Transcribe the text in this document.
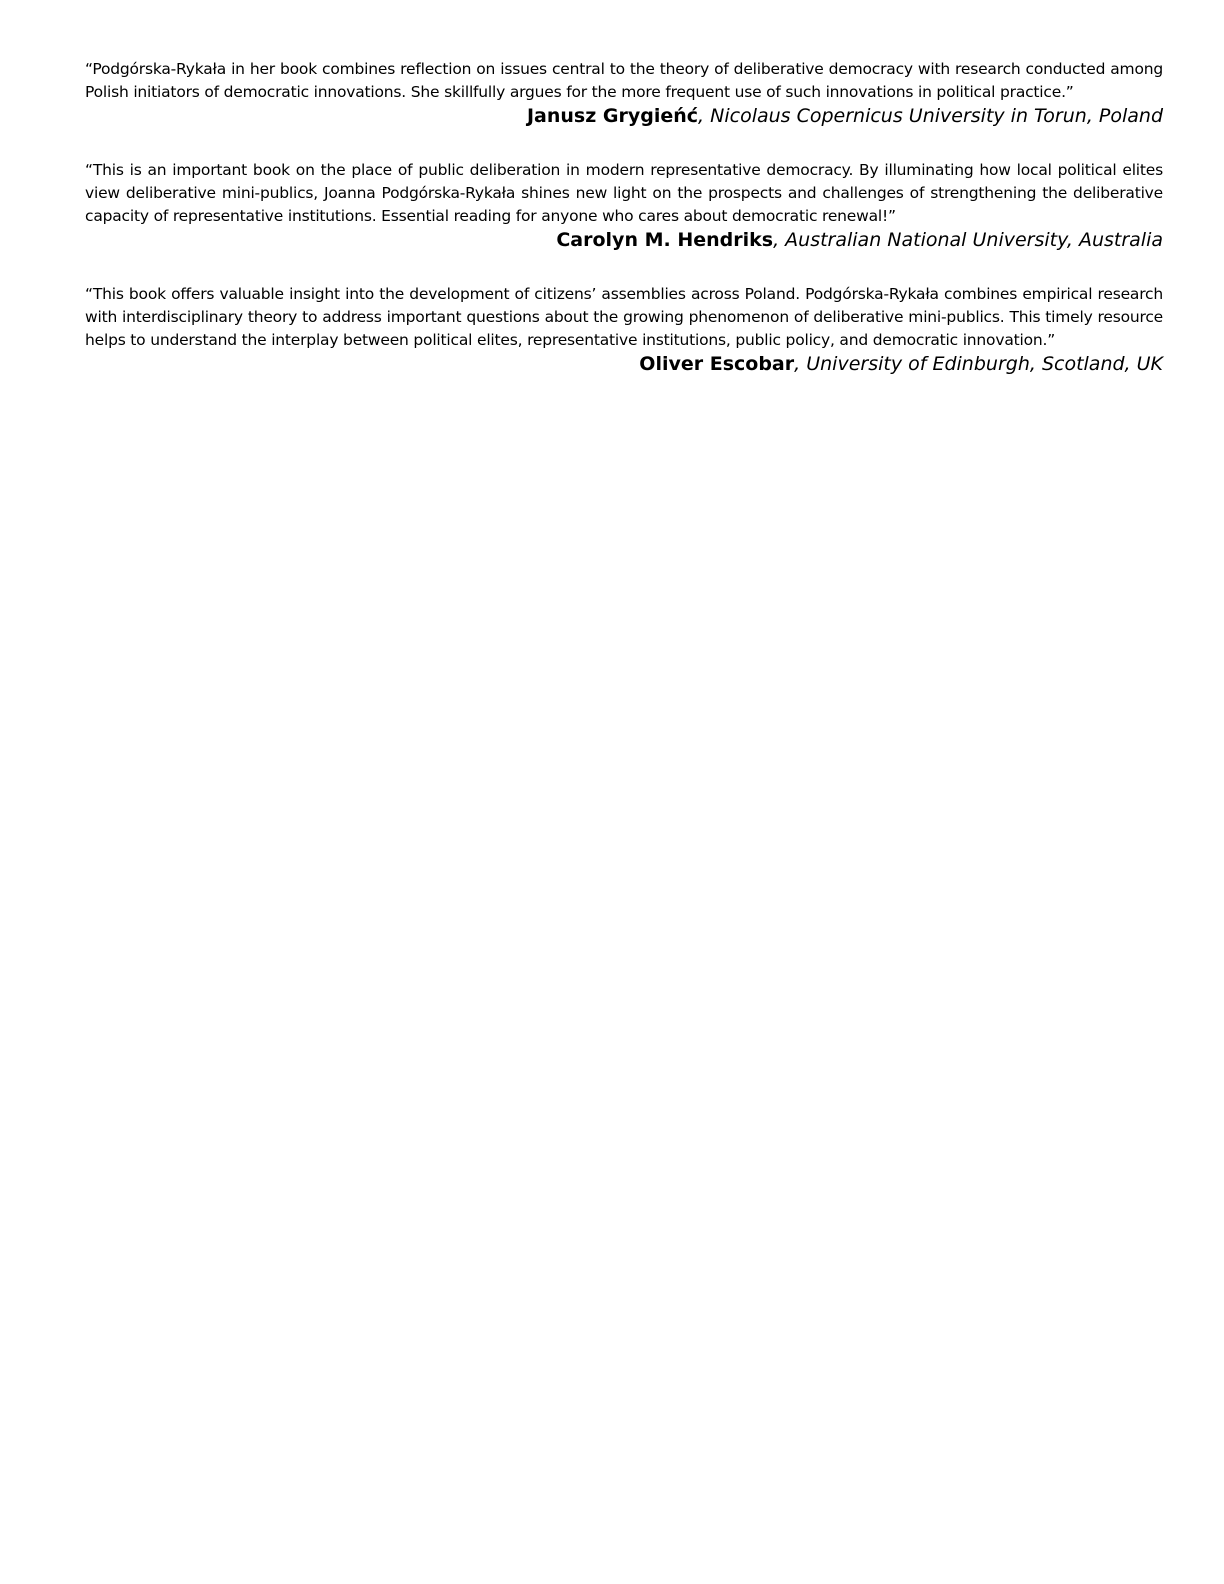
“Podgórska-Rykała in her book combines reflection on issues central to the theory of deliberative democracy with research conducted among Polish initiators of democratic innovations. She skillfully argues for the more frequent use of such innovations in political practice.”

Janusz Grygieńć, Nicolaus Copernicus University in Torun, Poland

“This is an important book on the place of public deliberation in modern representative democracy. By illuminating how local political elites view deliberative mini-publics, Joanna Podgórska-Rykała shines new light on the prospects and challenges of strengthening the deliberative capacity of representative institutions. Essential reading for anyone who cares about democratic renewal!”

Carolyn M. Hendriks, Australian National University, Australia

“This book offers valuable insight into the development of citizens’ assemblies across Poland. Podgórska-Rykała combines empirical research with interdisciplinary theory to address important questions about the growing phenomenon of deliberative mini-publics. This timely resource helps to understand the interplay between political elites, representative institutions, public policy, and democratic innovation.”

Oliver Escobar, University of Edinburgh, Scotland, UK
